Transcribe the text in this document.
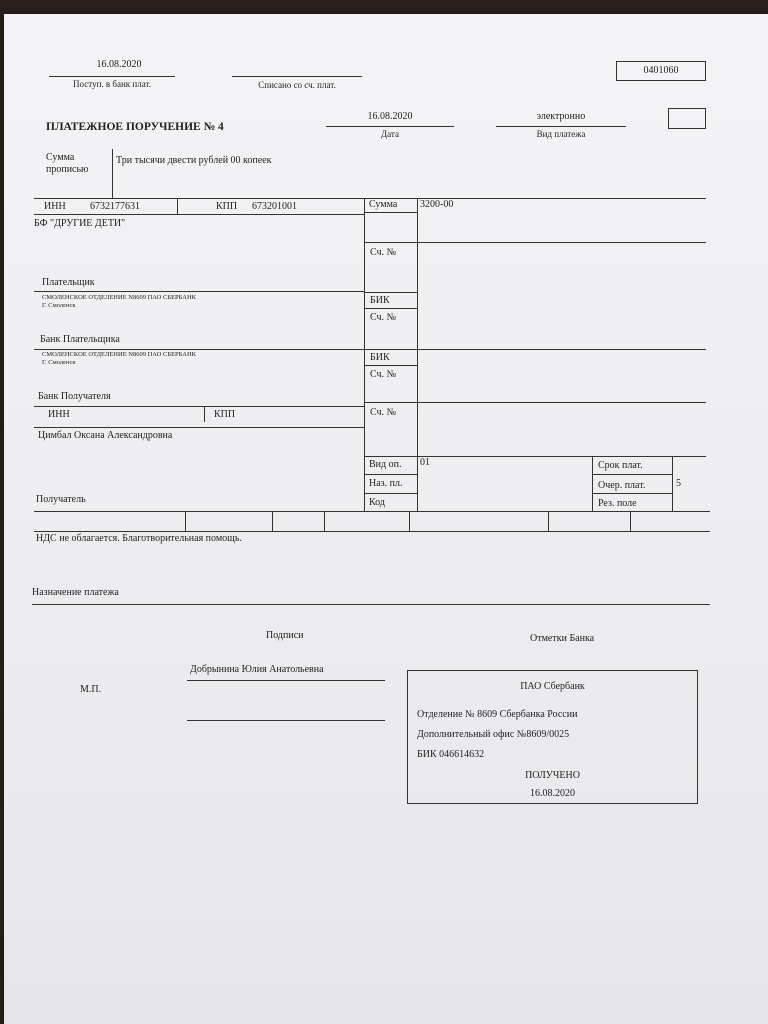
16.08.2020
Поступ. в банк плат.	Списано со сч. плат.
0401060
ПЛАТЕЖНОЕ ПОРУЧЕНИЕ № 4
16.08.2020
Дата
электронно
Вид платежа
Сумма
прописью
Три тысячи двести рублей 00 копеек
ИНН 6732177631	КПП 673201001
БФ "ДРУГИЕ ДЕТИ"
Плательщик
СМОЛЕНСКОЕ ОТДЕЛЕНИЕ N8609 ПАО СБЕРБАНК
Г. Смоленск
Банк Плательщика
СМОЛЕНСКОЕ ОТДЕЛЕНИЕ N8609 ПАО СБЕРБАНК
Г. Смоленск
Банк Получателя
ИНН	КПП
Цимбал Оксана Александровна
Получатель
Сумма 3200-00
Сч. №
БИК
Сч. №
БИК
Сч. №
Сч. №
Вид оп. 01
Наз. пл.
Код
Срок плат.
Очер. плат.	5
Рез. поле
НДС не облагается. Благотворительная помощь.
Назначение платежа
Подписи	Отметки Банка
Добрынина Юлия Анатольевна
М.П.	ПАО Сбербанк
Отделение № 8609 Сбербанка России
Дополнительный офис №8609/0025
БИК 046614632
ПОЛУЧЕНО
16.08.2020
